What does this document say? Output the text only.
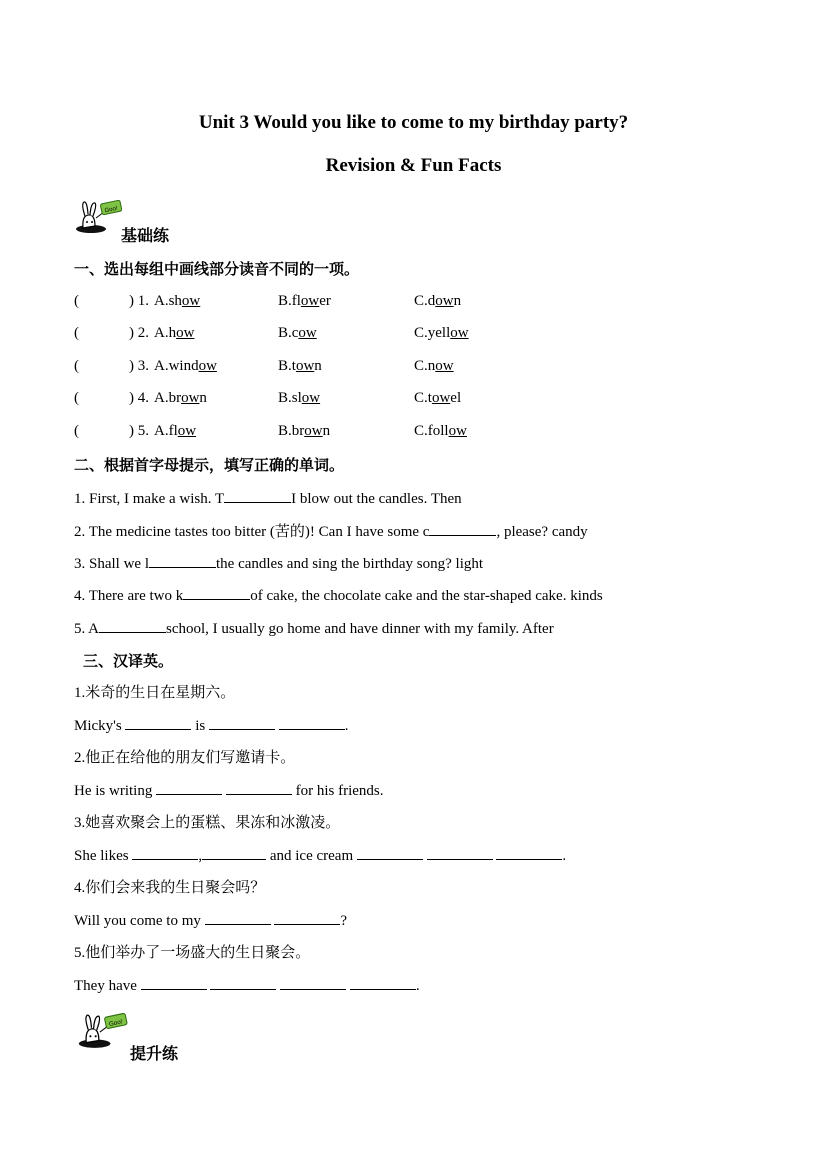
Unit 3 Would you like to come to my birthday party?
Revision & Fun Facts
Goo!
基础练
一、选出每组中画线部分读音不同的一项。
(	) 1. A.show	B.flower	C.down
(	) 2. A.how	B.cow	C.yellow
(	) 3. A.window	B.town	C.now
(	) 4. A.brown	B.slow	C.towel
(	) 5. A.flow	B.brown	C.follow
二、根据首字母提示，填写正确的单词。
1. First, I make a wish. T	I blow out the candles. Then
2. The medicine tastes too bitter (苦的)! Can I have some c	, please? candy
3. Shall we l	the candles and sing the birthday song? light
4. There are two k	of cake, the chocolate cake and the star-shaped cake. kinds
5. A	school, I usually go home and have dinner with my family. After
三、汉译英。
1.米奇的生日在星期六。
Micky's	is	.
2.他正在给他的朋友们写邀请卡。
He is writing	for his friends.
3.她喜欢聚会上的蛋糕、果冻和冰激凌。
She likes	,	and ice cream	.
4.你们会来我的生日聚会吗？
Will you come to my	?
5.他们举办了一场盛大的生日聚会。
They have	.
Goo!
提升练
